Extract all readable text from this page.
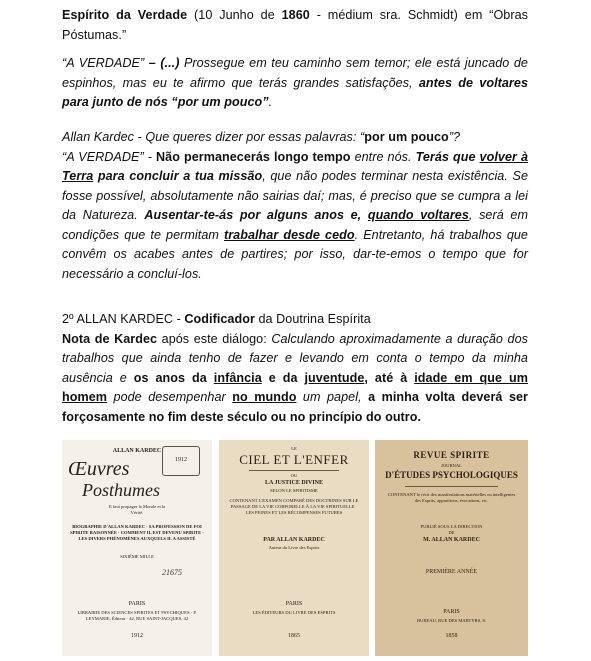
Espírito da Verdade (10 Junho de 1860 - médium sra. Schmidt) em “Obras Póstumas.”
“A VERDADE” – (...) Prossegue em teu caminho sem temor; ele está juncado de espinhos, mas eu te afirmo que terás grandes satisfações, antes de voltares para junto de nós “por um pouco”.
Allan Kardec - Que queres dizer por essas palavras: “por um pouco”?
“A VERDADE” - Não permanecerás longo tempo entre nós. Terás que volver à Terra para concluir a tua missão, que não podes terminar nesta existência. Se fosse possível, absolutamente não sairias daí; mas, é preciso que se cumpra a lei da Natureza. Ausentar-te-ás por alguns anos e, quando voltares, será em condições que te permitam trabalhar desde cedo. Entretanto, há trabalhos que convêm os acabes antes de partires; por isso, dar-te-emos o tempo que for necessário a concluí-los.
2º ALLAN KARDEC - Codificador da Doutrina Espírita
Nota de Kardec após este diálogo: Calculando aproximadamente a duração dos trabalhos que ainda tenho de fazer e levando em conta o tempo da minha ausência e os anos da infância e da juventude, até à idade em que um homem pode desempenhar no mundo um papel, a minha volta deverá ser forçosamente no fim deste século ou no princípio do outro.
ALLAN KARDEC
Œuvres
Posthumes
1912
Il faut propager la Morale et la Vérité.
BIOGRAPHIE D'ALLAN KARDEC · SA PROFESSION DE FOI SPIRITE RAISONNÉE · COMMENT IL EST DEVENU SPIRITE · LES DIVERS PHÉNOMÈNES AUXQUELS IL A ASSISTÉ
SIXIÈME MILLE
21675
PARIS
LIBRAIRIE DES SCIENCES SPIRITES ET PSYCHIQUES · P. LEYMARIE, Éditeur · 42, RUE SAINT-JACQUES, 42
1912
LE
CIEL ET L'ENFER
OU
LA JUSTICE DIVINE
SELON LE SPIRITISME
CONTENANT L'EXAMEN COMPARÉ DES DOCTRINES SUR LE PASSAGE DE LA VIE CORPORELLE À LA VIE SPIRITUELLE · LES PEINES ET LES RÉCOMPENSES FUTURES
PAR ALLAN KARDEC
Auteur du Livre des Esprits
PARIS
LES ÉDITEURS DU LIVRE DES ESPRITS
1865
REVUE SPIRITE
JOURNAL
D'ÉTUDES PSYCHOLOGIQUES
CONTENANT le récit des manifestations matérielles ou intelligentes des Esprits, apparitions, évocations, etc.
PUBLIÉ SOUS LA DIRECTION
DE
M. ALLAN KARDEC
PREMIÈRE ANNÉE
PARIS
BUREAU, RUE DES MARTYRS, 8.
1858
